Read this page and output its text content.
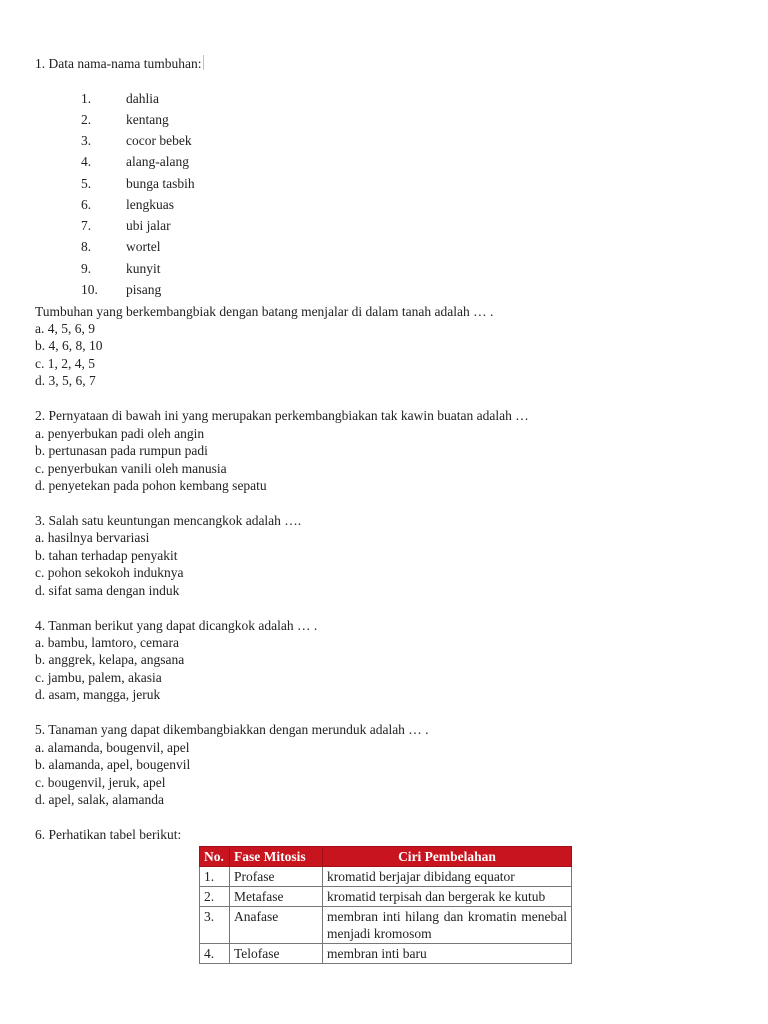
1. Data nama-nama tumbuhan:
1.	dahlia
2.	kentang
3.	cocor bebek
4.	alang-alang
5.	bunga tasbih
6.	lengkuas
7.	ubi jalar
8.	wortel
9.	kunyit
10. pisang
Tumbuhan yang berkembangbiak dengan batang menjalar di dalam tanah adalah … .
a. 4, 5, 6, 9
b. 4, 6, 8, 10
c. 1, 2, 4, 5
d. 3, 5, 6, 7
2. Pernyataan di bawah ini yang merupakan perkembangbiakan tak kawin buatan adalah …
a. penyerbukan padi oleh angin
b. pertunasan pada rumpun padi
c. penyerbukan vanili oleh manusia
d. penyetekan pada pohon kembang sepatu
3. Salah satu keuntungan mencangkok adalah ….
a. hasilnya bervariasi
b. tahan terhadap penyakit
c. pohon sekokoh induknya
d. sifat sama dengan induk
4. Tanman berikut yang dapat dicangkok adalah … .
a. bambu, lamtoro, cemara
b. anggrek, kelapa, angsana
c. jambu, palem, akasia
d. asam, mangga, jeruk
5. Tanaman yang dapat dikembangbiakkan dengan merunduk adalah … .
a. alamanda, bougenvil, apel
b. alamanda, apel, bougenvil
c. bougenvil, jeruk, apel
d. apel, salak, alamanda
6. Perhatikan tabel berikut:
No.	Fase Mitosis	Ciri Pembelahan
1.	Profase	kromatid berjajar dibidang equator
2.	Metafase	kromatid terpisah dan bergerak ke kutub
3.	Anafase	membran inti hilang dan kromatin menebal menjadi kromosom
4.	Telofase	membran inti baru
